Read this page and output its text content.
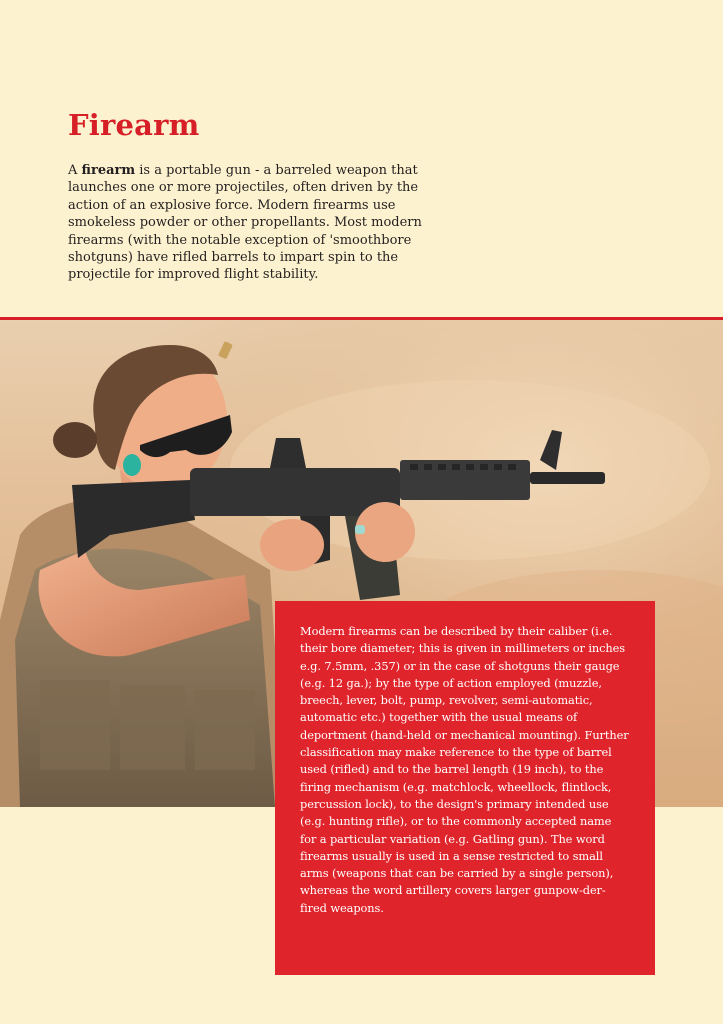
Firearm

A firearm is a portable gun - a barreled weapon that launches one or more projectiles, often driven by the action of an explosive force. Modern firearms use smokeless powder or other propellants. Most modern firearms (with the notable exception of 'smoothbore shotguns) have rifled barrels to impart spin to the projectile for improved flight stability.

Modern firearms can be described by their caliber (i.e. their bore diameter; this is given in millimeters or inches e.g. 7.5mm, .357) or in the case of shotguns their gauge (e.g. 12 ga.); by the type of action employed (muzzle, breech, lever, bolt, pump, revolver, semi-automatic, automatic etc.) together with the usual means of deportment (hand-held or mechanical mounting). Further classification may make reference to the type of barrel used (rifled) and to the barrel length (19 inch), to the firing mechanism (e.g. matchlock, wheellock, flintlock, percussion lock), to the design's primary intended use (e.g. hunting rifle), or to the commonly accepted name for a particular variation (e.g. Gatling gun). The word firearms usually is used in a sense restricted to small arms (weapons that can be carried by a single person), whereas the word artillery covers larger gunpow-der-fired weapons.
